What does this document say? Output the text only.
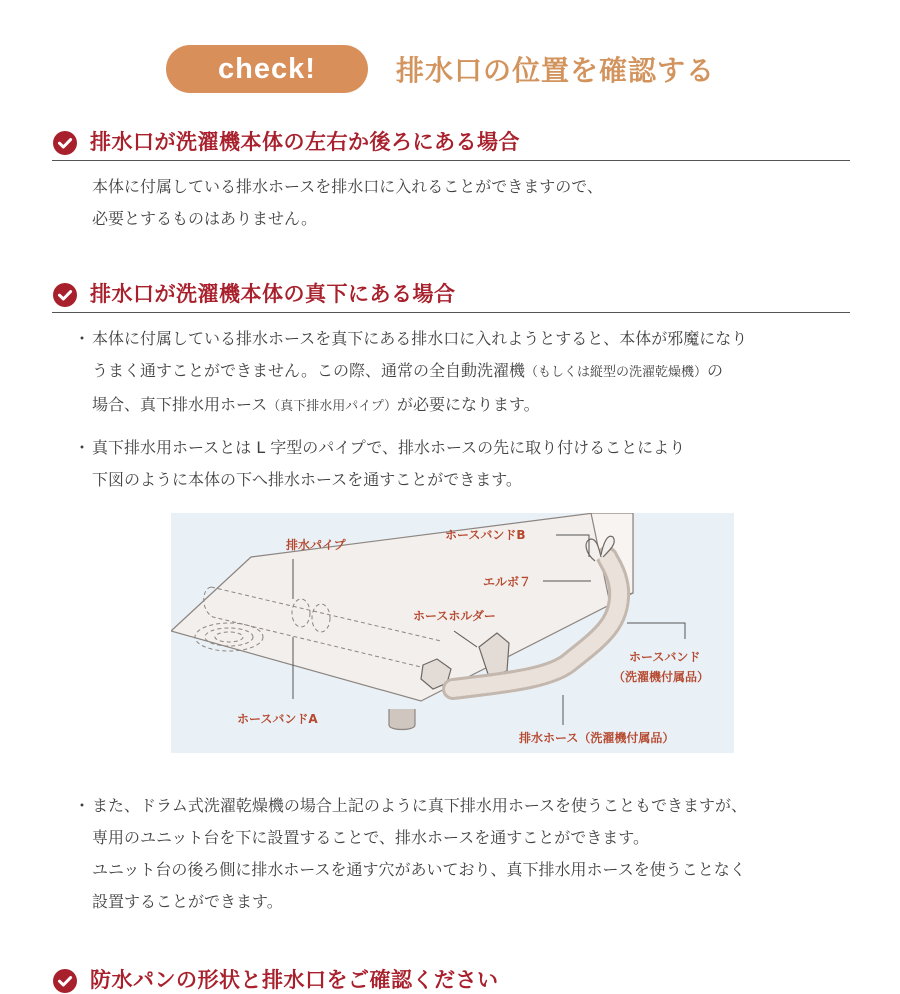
check!	排水口の位置を確認する
排水口が洗濯機本体の左右か後ろにある場合
本体に付属している排水ホースを排水口に入れることができますので、
必要とするものはありません。
排水口が洗濯機本体の真下にある場合
・ 本体に付属している排水ホースを真下にある排水口に入れようとすると、本体が邪魔になり
うまく通すことができません。この際、通常の全自動洗濯機（もしくは縦型の洗濯乾燥機）の
場合、真下排水用ホース（真下排水用パイプ）が必要になります。
・ 真下排水用ホースとは L 字型のパイプで、排水ホースの先に取り付けることにより
下図のように本体の下へ排水ホースを通すことができます。
排水パイプ
ホースバンドB
エルボ７
ホースホルダー
ホースバンド
（洗濯機付属品）
ホースバンドA
排水ホース（洗濯機付属品）
・ また、ドラム式洗濯乾燥機の場合上記のように真下排水用ホースを使うこともできますが、
専用のユニット台を下に設置することで、排水ホースを通すことができます。
ユニット台の後ろ側に排水ホースを通す穴があいており、真下排水用ホースを使うことなく
設置することができます。
防水パンの形状と排水口をご確認ください
